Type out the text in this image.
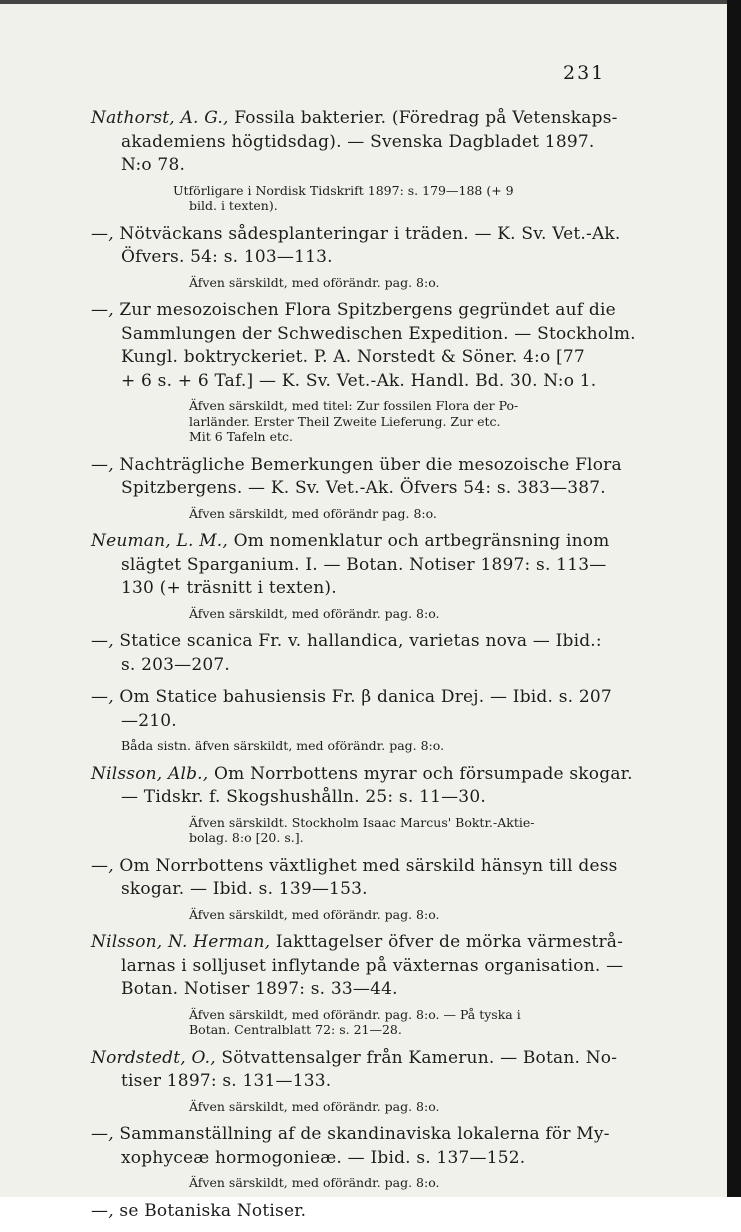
231
Nathorst, A. G., Fossila bakterier. (Föredrag på Vetenskaps-
akademiens högtidsdag). — Svenska Dagbladet 1897.
N:o 78.
Utförligare i Nordisk Tidskrift 1897: s. 179—188 (+ 9
bild. i texten).
—, Nötväckans sådesplanteringar i träden. — K. Sv. Vet.-Ak.
Öfvers. 54: s. 103—113.
Äfven särskildt, med oförändr. pag. 8:o.
—, Zur mesozoischen Flora Spitzbergens gegründet auf die
Sammlungen der Schwedischen Expedition. — Stockholm.
Kungl. boktryckeriet. P. A. Norstedt & Söner. 4:o [77
+ 6 s. + 6 Taf.] — K. Sv. Vet.-Ak. Handl. Bd. 30. N:o 1.
Äfven särskildt, med titel: Zur fossilen Flora der Po-
larländer. Erster Theil Zweite Lieferung. Zur etc.
Mit 6 Tafeln etc.
—, Nachträgliche Bemerkungen über die mesozoische Flora
Spitzbergens. — K. Sv. Vet.-Ak. Öfvers 54: s. 383—387.
Äfven särskildt, med oförändr pag. 8:o.
Neuman, L. M., Om nomenklatur och artbegränsning inom
slägtet Sparganium. I. — Botan. Notiser 1897: s. 113—
130 (+ träsnitt i texten).
Äfven särskildt, med oförändr. pag. 8:o.
—, Statice scanica Fr. v. hallandica, varietas nova — Ibid.:
s. 203—207.
—, Om Statice bahusiensis Fr. β danica Drej. — Ibid. s. 207
—210.
Båda sistn. äfven särskildt, med oförändr. pag. 8:o.
Nilsson, Alb., Om Norrbottens myrar och försumpade skogar.
— Tidskr. f. Skogshushålln. 25: s. 11—30.
Äfven särskildt. Stockholm Isaac Marcus' Boktr.-Aktie-
bolag. 8:o [20. s.].
—, Om Norrbottens växtlighet med särskild hänsyn till dess
skogar. — Ibid. s. 139—153.
Äfven särskildt, med oförändr. pag. 8:o.
Nilsson, N. Herman, Iakttagelser öfver de mörka värmestrå-
larnas i solljuset inflytande på växternas organisation. —
Botan. Notiser 1897: s. 33—44.
Äfven särskildt, med oförändr. pag. 8:o. — På tyska i
Botan. Centralblatt 72: s. 21—28.
Nordstedt, O., Sötvattensalger från Kamerun. — Botan. No-
tiser 1897: s. 131—133.
Äfven särskildt, med oförändr. pag. 8:o.
—, Sammanställning af de skandinaviska lokalerna för My-
xophyceæ hormogonieæ. — Ibid. s. 137—152.
Äfven särskildt, med oförändr. pag. 8:o.
—, se Botaniska Notiser.
